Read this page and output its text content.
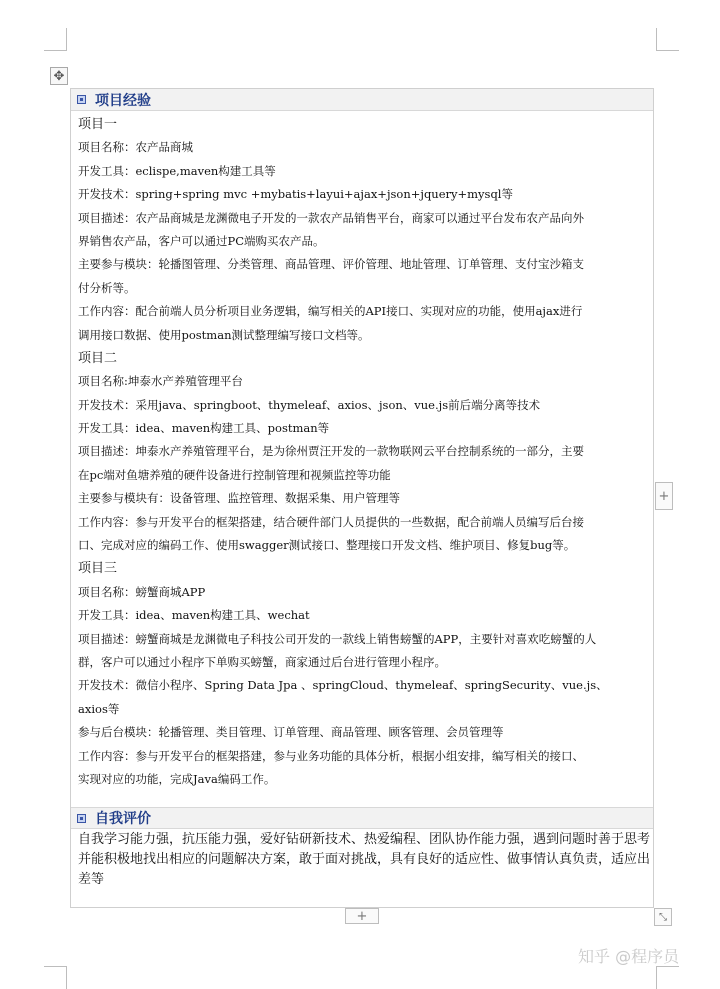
✥
项目经验
项目一
项目名称：农产品商城
开发工具：eclispe,maven构建工具等
开发技术：spring+spring mvc +mybatis+layui+ajax+json+jquery+mysql等
项目描述：农产品商城是龙渊微电子开发的一款农产品销售平台，商家可以通过平台发布农产品向外
界销售农产品，客户可以通过PC端购买农产品。
主要参与模块：轮播图管理、分类管理、商品管理、评价管理、地址管理、订单管理、支付宝沙箱支
付分析等。
工作内容：配合前端人员分析项目业务逻辑，编写相关的API接口、实现对应的功能，使用ajax进行
调用接口数据、使用postman测试整理编写接口文档等。
项目二
项目名称:坤泰水产养殖管理平台
开发技术：采用java、springboot、thymeleaf、axios、json、vue.js前后端分离等技术
开发工具：idea、maven构建工具、postman等
项目描述：坤泰水产养殖管理平台，是为徐州贾汪开发的一款物联网云平台控制系统的一部分，主要
在pc端对鱼塘养殖的硬件设备进行控制管理和视频监控等功能
主要参与模块有：设备管理、监控管理、数据采集、用户管理等
工作内容：参与开发平台的框架搭建，结合硬件部门人员提供的一些数据，配合前端人员编写后台接
口、完成对应的编码工作、使用swagger测试接口、整理接口开发文档、维护项目、修复bug等。
项目三
项目名称：螃蟹商城APP
开发工具：idea、maven构建工具、wechat
项目描述：螃蟹商城是龙渊微电子科技公司开发的一款线上销售螃蟹的APP，主要针对喜欢吃螃蟹的人
群，客户可以通过小程序下单购买螃蟹，商家通过后台进行管理小程序。
开发技术：微信小程序、Spring Data Jpa 、springCloud、thymeleaf、springSecurity、vue.js、
axios等
参与后台模块：轮播管理、类目管理、订单管理、商品管理、顾客管理、会员管理等
工作内容：参与开发平台的框架搭建，参与业务功能的具体分析，根据小组安排，编写相关的接口、
实现对应的功能，完成Java编码工作。
自我评价
自我学习能力强，抗压能力强，爱好钻研新技术、热爱编程、团队协作能力强，遇到问题时善于思考并能积极地找出相应的问题解决方案，敢于面对挑战，具有良好的适应性、做事情认真负责，适应出差等
+
+	⤡
知乎 @程序员
